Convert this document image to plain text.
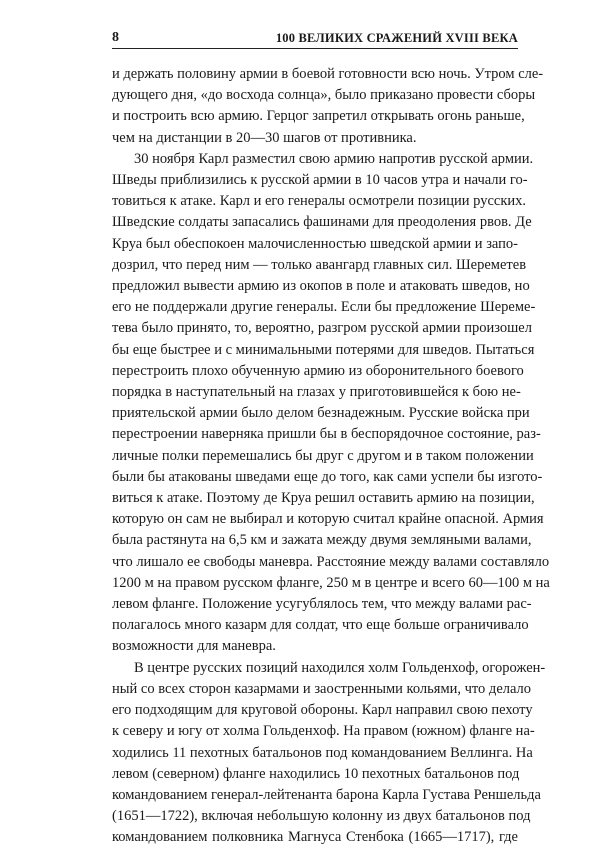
8	100 ВЕЛИКИХ СРАЖЕНИЙ XVIII ВЕКА

и держать половину армии в боевой готовности всю ночь. Утром сле-
дующего дня, «до восхода солнца», было приказано провести сборы
и построить всю армию. Герцог запретил открывать огонь раньше,
чем на дистанции в 20—30 шагов от противника.

30 ноября Карл разместил свою армию напротив русской армии.
Шведы приблизились к русской армии в 10 часов утра и начали го-
товиться к атаке. Карл и его генералы осмотрели позиции русских.
Шведские солдаты запасались фашинами для преодоления рвов. Де
Круа был обеспокоен малочисленностью шведской армии и запо-
дозрил, что перед ним — только авангард главных сил. Шереметев
предложил вывести армию из окопов в поле и атаковать шведов, но
его не поддержали другие генералы. Если бы предложение Шереме-
тева было принято, то, вероятно, разгром русской армии произошел
бы еще быстрее и с минимальными потерями для шведов. Пытаться
перестроить плохо обученную армию из оборонительного боевого
порядка в наступательный на глазах у приготовившейся к бою не-
приятельской армии было делом безнадежным. Русские войска при
перестроении наверняка пришли бы в беспорядочное состояние, раз-
личные полки перемешались бы друг с другом и в таком положении
были бы атакованы шведами еще до того, как сами успели бы изгото-
виться к атаке. Поэтому де Круа решил оставить армию на позиции,
которую он сам не выбирал и которую считал крайне опасной. Армия
была растянута на 6,5 км и зажата между двумя земляными валами,
что лишало ее свободы маневра. Расстояние между валами составляло
1200 м на правом русском фланге, 250 м в центре и всего 60—100 м на
левом фланге. Положение усугублялось тем, что между валами рас-
полагалось много казарм для солдат, что еще больше ограничивало
возможности для маневра.

В центре русских позиций находился холм Гольденхоф, огорожен-
ный со всех сторон казармами и заостренными кольями, что делало
его подходящим для круговой обороны. Карл направил свою пехоту
к северу и югу от холма Гольденхоф. На правом (южном) фланге на-
ходились 11 пехотных батальонов под командованием Веллинга. На
левом (северном) фланге находились 10 пехотных батальонов под
командованием генерал-лейтенанта барона Карла Густава Реншельда
(1651—1722), включая небольшую колонну из двух батальонов под
командованием полковника Магнуса Стенбока (1665—1717), где
